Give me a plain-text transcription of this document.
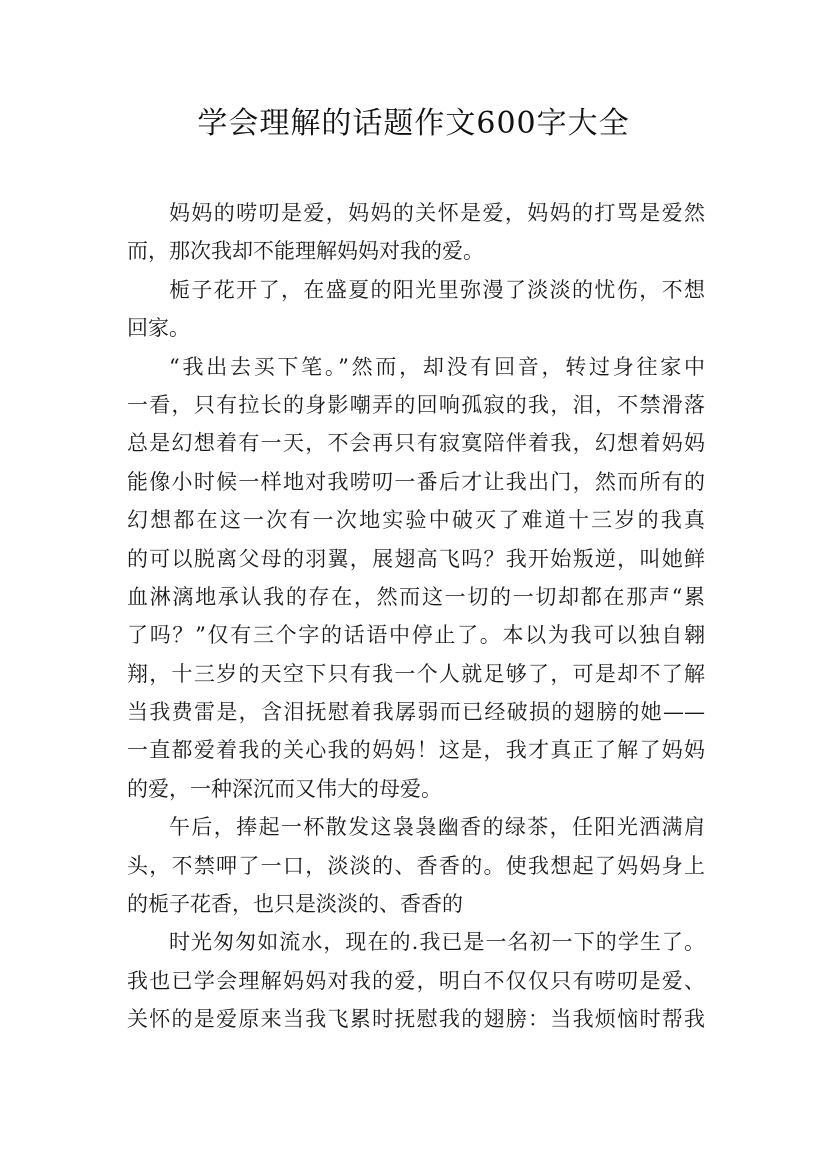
学会理解的话题作文600字大全
妈妈的唠叨是爱，妈妈的关怀是爱，妈妈的打骂是爱然
而，那次我却不能理解妈妈对我的爱。
栀子花开了，在盛夏的阳光里弥漫了淡淡的忧伤，不想
回家。
“我出去买下笔。”然而，却没有回音，转过身往家中
一看，只有拉长的身影嘲弄的回响孤寂的我，泪，不禁滑落
总是幻想着有一天，不会再只有寂寞陪伴着我，幻想着妈妈
能像小时候一样地对我唠叨一番后才让我出门，然而所有的
幻想都在这一次有一次地实验中破灭了难道十三岁的我真
的可以脱离父母的羽翼，展翅高飞吗？我开始叛逆，叫她鲜
血淋漓地承认我的存在，然而这一切的一切却都在那声“累
了吗？”仅有三个字的话语中停止了。本以为我可以独自翱
翔，十三岁的天空下只有我一个人就足够了，可是却不了解
当我费雷是，含泪抚慰着我孱弱而已经破损的翅膀的她——
一直都爱着我的关心我的妈妈！这是，我才真正了解了妈妈
的爱，一种深沉而又伟大的母爱。
午后，捧起一杯散发这袅袅幽香的绿茶，任阳光洒满肩
头，不禁呷了一口，淡淡的、香香的。使我想起了妈妈身上
的栀子花香，也只是淡淡的、香香的
时光匆匆如流水，现在的.我已是一名初一下的学生了。
我也已学会理解妈妈对我的爱，明白不仅仅只有唠叨是爱、
关怀的是爱原来当我飞累时抚慰我的翅膀：当我烦恼时帮我
